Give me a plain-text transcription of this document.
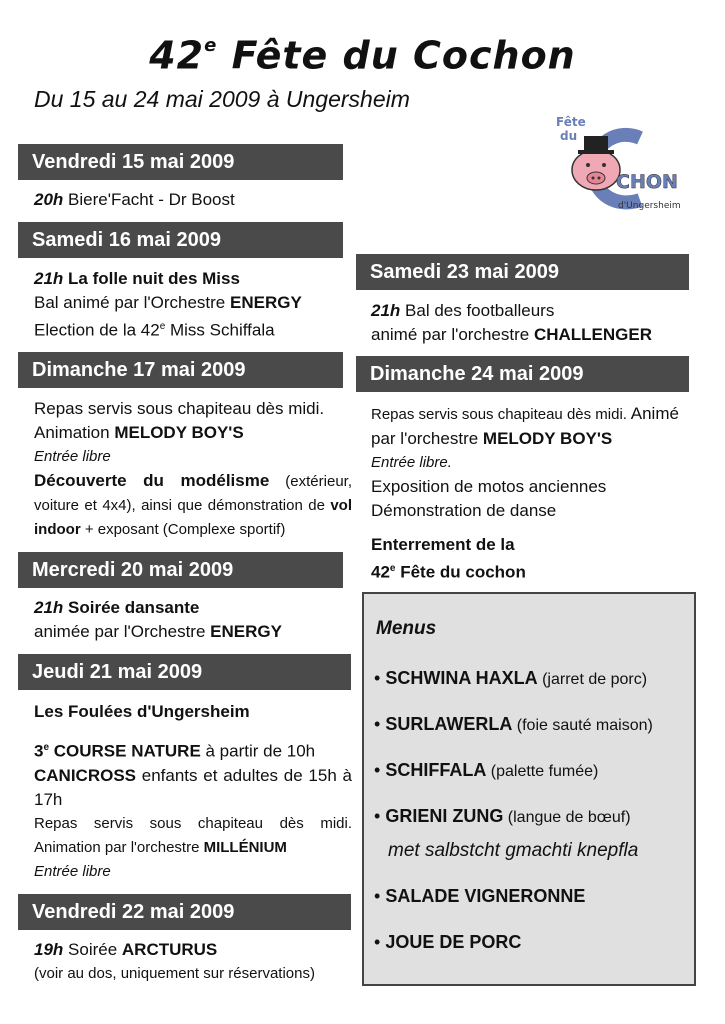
42e Fête du Cochon
Du 15 au 24 mai 2009 à Ungersheim
Fête
du
CHON
d'Ungersheim
Vendredi 15 mai 2009
20h Biere'Facht - Dr Boost
Samedi 16 mai 2009
21h La folle nuit des Miss
Bal animé par l'Orchestre ENERGY
Election de la 42e Miss Schiffala
Dimanche 17 mai 2009
Repas servis sous chapiteau dès midi.
Animation MELODY BOY'S
Entrée libre
Découverte du modélisme (extérieur, voiture et 4x4), ainsi que démonstration de vol indoor + exposant (Complexe sportif)
Mercredi 20 mai 2009
21h Soirée dansante
animée par l'Orchestre ENERGY
Jeudi 21 mai 2009
Les Foulées d'Ungersheim
3e COURSE NATURE à partir de 10h
CANICROSS enfants et adultes de 15h à 17h
Repas servis sous chapiteau dès midi. Animation par l'orchestre MILLÉNIUM
Entrée libre
Vendredi 22 mai 2009
19h Soirée ARCTURUS
(voir au dos, uniquement sur réservations)
Samedi 23 mai 2009
21h Bal des footballeurs
animé par l'orchestre CHALLENGER
Dimanche 24 mai 2009
Repas servis sous chapiteau dès midi. Animé par l'orchestre MELODY BOY'S
Entrée libre.
Exposition de motos anciennes
Démonstration de danse
Enterrement de la
42e Fête du cochon
Menus
• SCHWINA HAXLA (jarret de porc)
• SURLAWERLA (foie sauté maison)
• SCHIFFALA (palette fumée)
• GRIENI ZUNG (langue de bœuf)
met salbstcht gmachti knepfla
• SALADE VIGNERONNE
• JOUE DE PORC
